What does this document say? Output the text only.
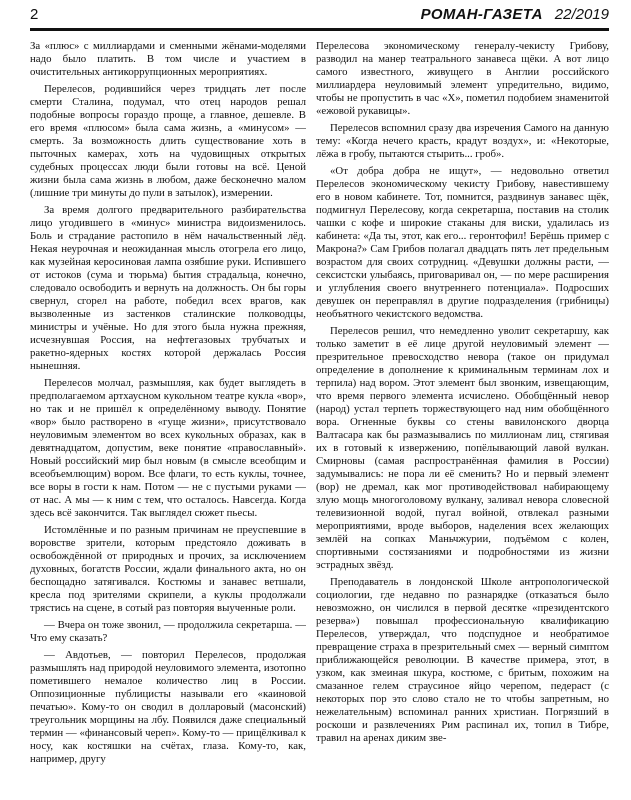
2	РОМАН-ГАЗЕТА 22/2019

За «плюс» с миллиардами и сменными жёнами-моделями надо было платить. В том числе и участием в очистительных антикоррупционных мероприятиях.

Перелесов, родившийся через тридцать лет после смерти Сталина, подумал, что отец народов решал подобные вопросы гораздо проще, а главное, дешевле. В его время «плюсом» была сама жизнь, а «минусом» — смерть. За возможность длить существование хоть в пыточных камерах, хоть на чудовищных открытых судебных процессах люди были готовы на всё. Ценой жизни была сама жизнь в любом, даже бесконечно малом (лишние три минуты до пули в затылок), измерении.

За время долгого предварительного разбирательства лицо угодившего в «минус» министра видоизменилось. Боль и страдание растопило в нём начальственный лёд. Некая неурочная и неожиданная мысль отогрела его лицо, как музейная керосиновая лампа озябшие руки. Испившего от истоков (сума и тюрьма) бытия страдальца, конечно, следовало освободить и вернуть на должность. Он бы горы свернул, сгорел на работе, победил всех врагов, как вызволенные из застенков сталинские полководцы, министры и учёные. Но для этого была нужна прежняя, исчезнувшая Россия, на нефтегазовых трубчатых и ракетно-ядерных костях которой держалась Россия нынешняя.

Перелесов молчал, размышляя, как будет выглядеть в предполагаемом артхаусном кукольном театре кукла «вор», но так и не пришёл к определённому выводу. Понятие «вор» было растворено в «гуще жизни», присутствовало неуловимым элементом во всех кукольных образах, как в девятнадцатом, допустим, веке понятие «православный». Новый российский мир был новым (в смысле всеобщим и всеобъемлющим) вором. Все флаги, то есть куклы, точнее, все воры в гости к нам. Потом — не с пустыми руками — от нас. А мы — к ним с тем, что осталось. Навсегда. Когда здесь всё закончится. Так выглядел сюжет пьесы.

Истомлённые и по разным причинам не преуспевшие в воровстве зрители, которым предстояло доживать в освобождённой от природных и прочих, за исключением духовных, богатств России, ждали финального акта, но он беспощадно затягивался. Костюмы и занавес ветшали, кресла под зрителями скрипели, а куклы продолжали трястись на сцене, в сотый раз повторяя выученные роли.

— Вчера он тоже звонил, — продолжила секретарша. — Что ему сказать?

— Авдотьев, — повторил Перелесов, продолжая размышлять над природой неуловимого элемента, изотопно пометившего немалое количество лиц в России. Оппозиционные публицисты называли его «каиновой печатью». Кому-то он сводил в долларовый (масонский) треугольник морщины на лбу. Появился даже специальный термин — «финансовый череп». Кому-то — прищёлкивал к носу, как костяшки на счётах, глаза. Кому-то, как, например, другу

Перелесова экономическому генералу-чекисту Грибову, разводил на манер театрального занавеса щёки. А вот лицо самого известного, живущего в Англии российского миллиардера неуловимый элемент упредительно, видимо, чтобы не пропустить в час «Х», пометил подобием знаменитой «ежовой рукавицы».

Перелесов вспомнил сразу два изречения Самого на данную тему: «Когда нечего красть, крадут воздух», и: «Некоторые, лёжа в гробу, пытаются стырить... гроб».

«От добра добра не ищут», — недовольно ответил Перелесов экономическому чекисту Грибову, навестившему его в новом кабинете. Тот, помнится, раздвинув занавес щёк, подмигнул Перелесову, когда секретарша, поставив на столик чашки с кофе и широкие стаканы для виски, удалилась из кабинета: «Да ты, этот, как его... геронтофил! Берёшь пример с Макрона?» Сам Грибов полагал двадцать пять лет предельным возрастом для своих сотрудниц. «Девушки должны расти, — сексистски улыбаясь, приговаривал он, — по мере расширения и углубления своего внутреннего потенциала». Подросших девушек он переправлял в другие подразделения (грибницы) необъятного чекистского ведомства.

Перелесов решил, что немедленно уволит секретаршу, как только заметит в её лице другой неуловимый элемент — презрительное превосходство невора (такое он придумал определение в дополнение к криминальным терминам лох и терпила) над вором. Этот элемент был звонким, извещающим, что время первого элемента исчислено. Обобщённый невор (народ) устал терпеть торжествующего над ним обобщённого вора. Огненные буквы со стены вавилонского дворца Валтасара как бы размазывались по миллионам лиц, стягивая их в готовый к извержению, попёлывающий лавой вулкан. Смирновы (самая распространённая фамилия в России) задумывались: не пора ли её сменить? Но и первый элемент (вор) не дремал, как мог противодействовал набирающему злую мощь многоголовому вулкану, заливал невора словесной телевизионной водой, пугал войной, отвлекал разными мероприятиями, вроде выборов, наделения всех желающих землёй на сопках Маньчжурии, подъёмом с колен, спортивными состязаниями и подробностями из жизни эстрадных звёзд.

Преподаватель в лондонской Школе антропологической социологии, где недавно по разнарядке (отказаться было невозможно, он числился в первой десятке «президентского резерва») повышал профессиональную квалификацию Перелесов, утверждал, что подспудное и необратимое превращение страха в презрительный смех — верный симптом приближающейся революции. В качестве примера, этот, в узком, как змеиная шкура, костюме, с бритым, похожим на смазанное гелем страусиное яйцо черепом, педераст (с некоторых пор это слово стало не то чтобы запретным, но нежелательным) вспоминал ранних христиан. Погрязший в роскоши и развлечениях Рим распинал их, топил в Тибре, травил на аренах диким зве-
